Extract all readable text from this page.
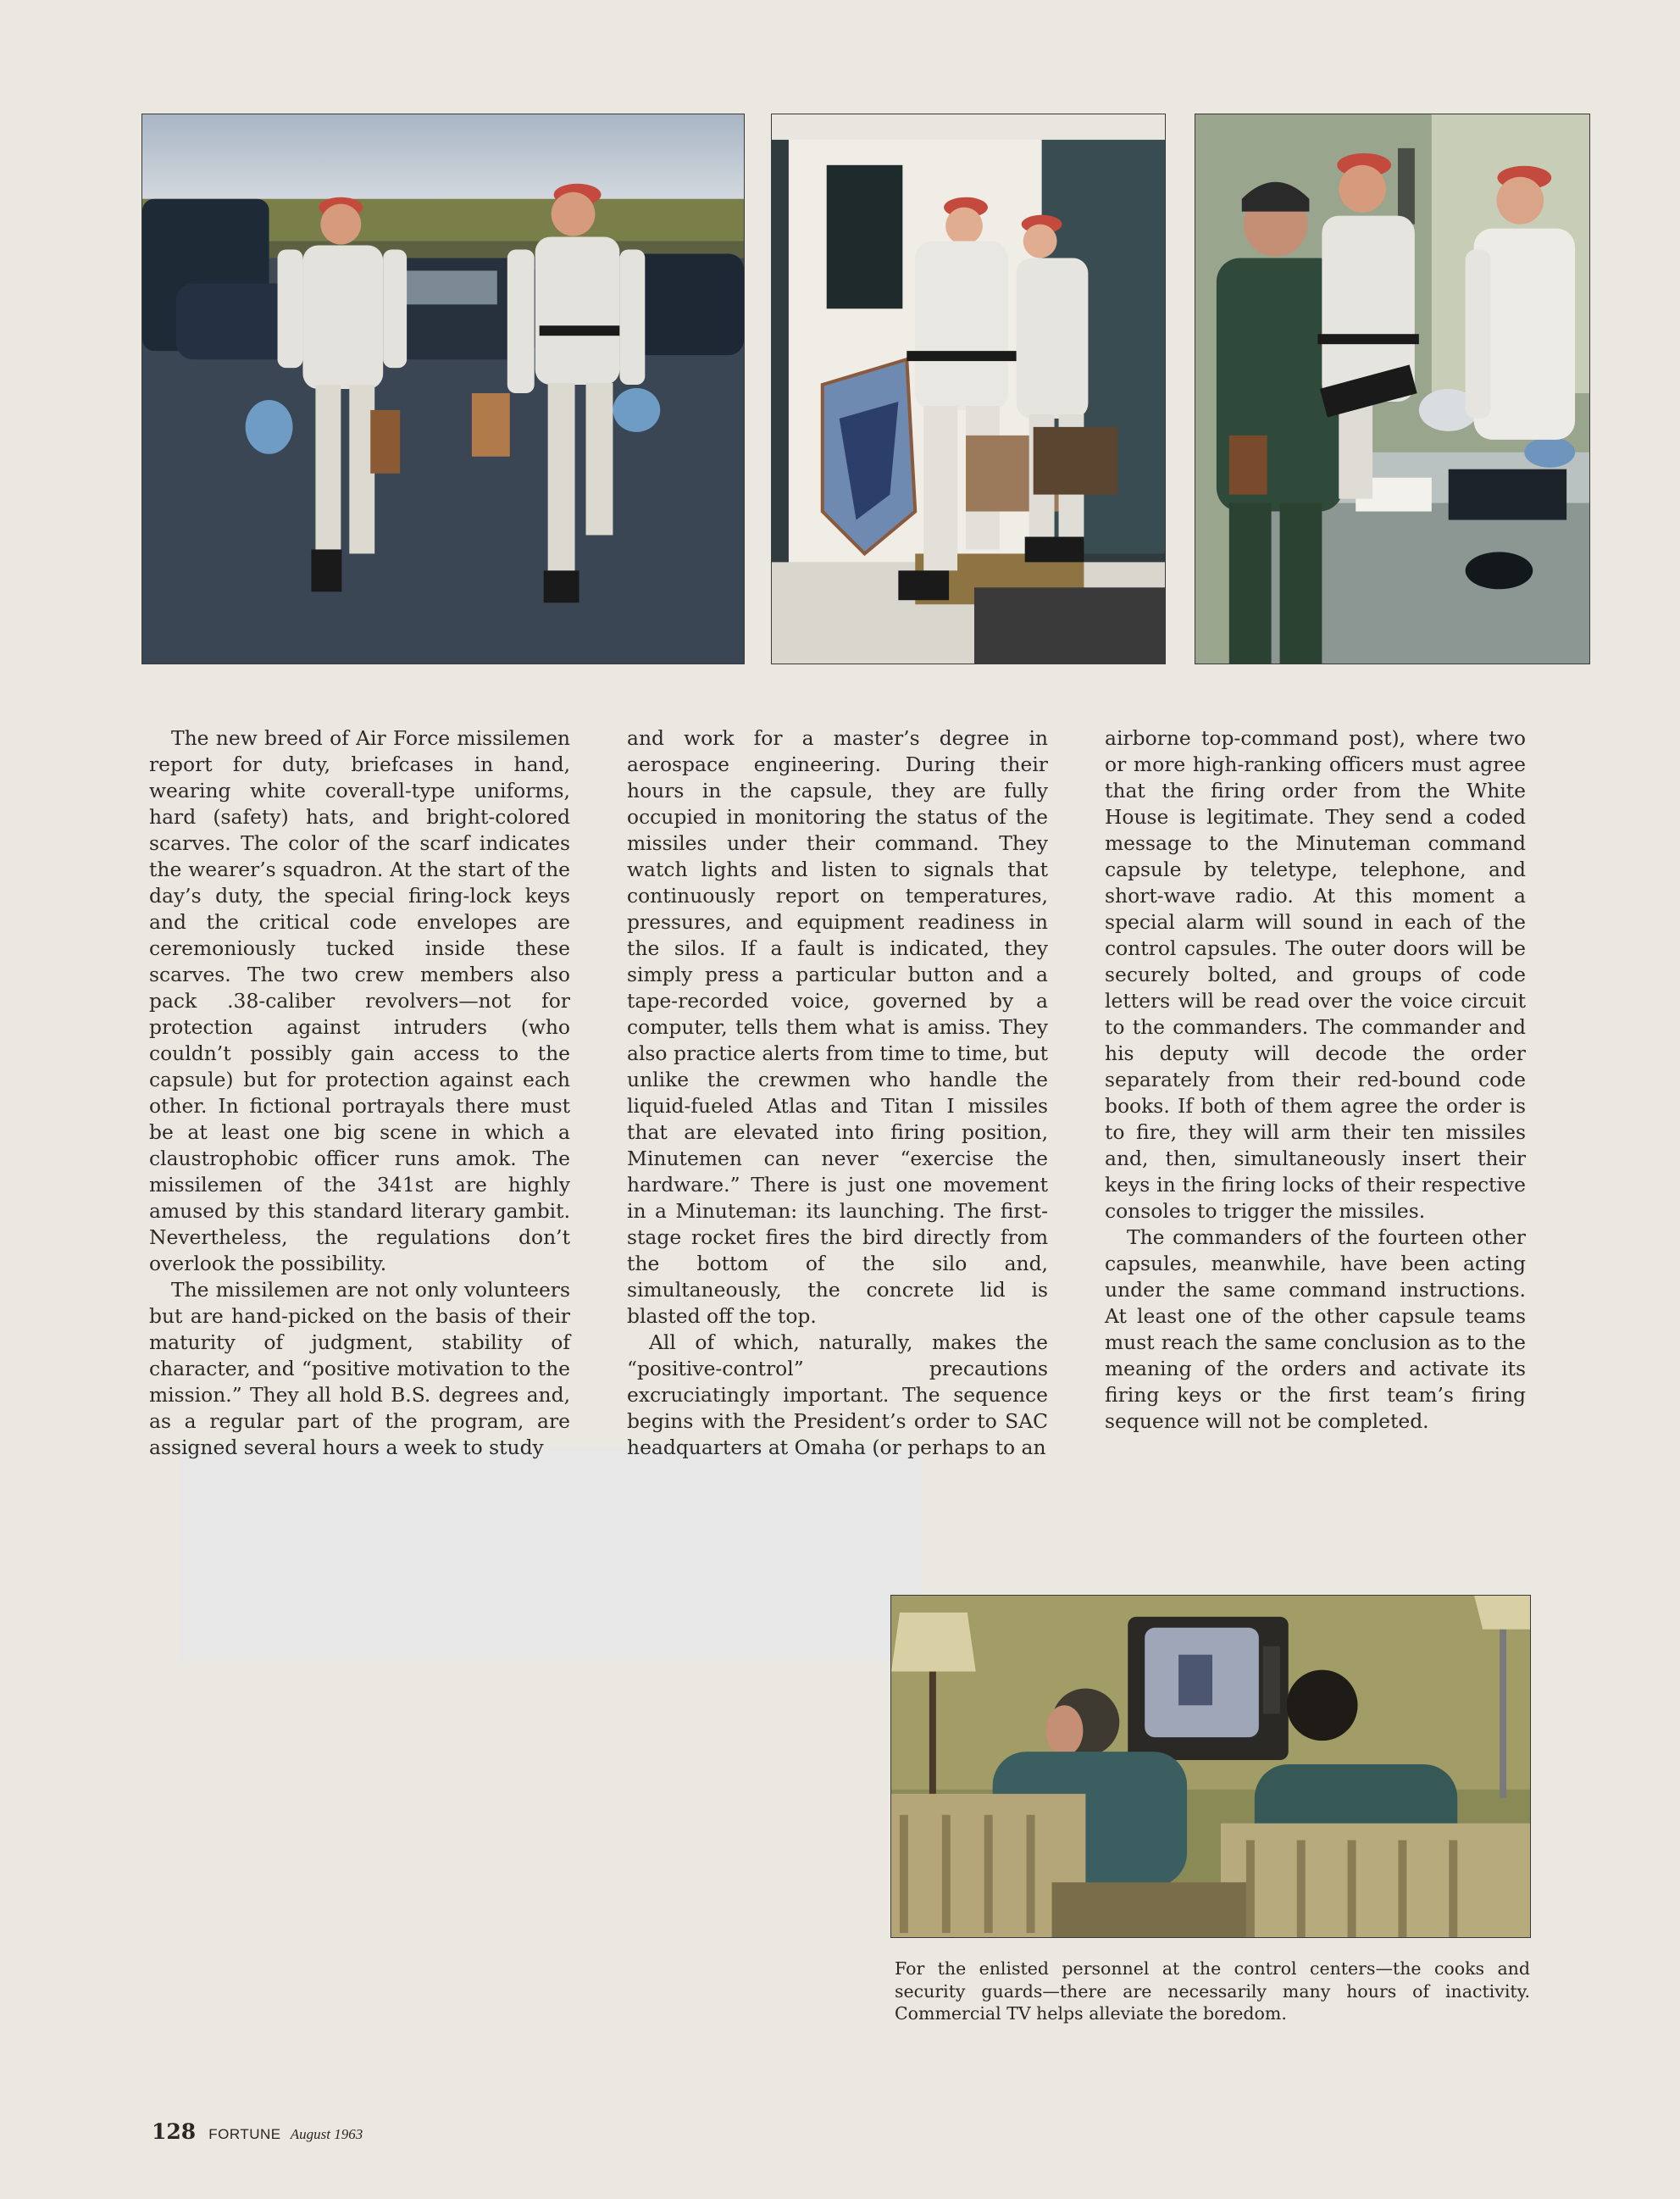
The new breed of Air Force missilemen report for duty, briefcases in hand, wearing white coverall-type uniforms, hard (safety) hats, and bright-colored scarves. The color of the scarf indicates the wearer’s squadron. At the start of the day’s duty, the special firing-lock keys and the critical code envelopes are ceremoniously tucked inside these scarves. The two crew members also pack .38-caliber revolvers—not for protection against intruders (who couldn’t possibly gain access to the capsule) but for protection against each other. In fictional portrayals there must be at least one big scene in which a claustrophobic officer runs amok. The missilemen of the 341st are highly amused by this standard literary gambit. Nevertheless, the regulations don’t overlook the possibility.

The missilemen are not only volunteers but are hand-picked on the basis of their maturity of judgment, stability of character, and “positive motivation to the mission.” They all hold B.S. degrees and, as a regular part of the program, are assigned several hours a week to study

and work for a master’s degree in aerospace engineering. During their hours in the capsule, they are fully occupied in monitoring the status of the missiles under their command. They watch lights and listen to signals that continuously report on temperatures, pressures, and equipment readiness in the silos. If a fault is indicated, they simply press a particular button and a tape-recorded voice, governed by a computer, tells them what is amiss. They also practice alerts from time to time, but unlike the crewmen who handle the liquid-fueled Atlas and Titan I missiles that are elevated into firing position, Minutemen can never “exercise the hardware.” There is just one movement in a Minuteman: its launching. The first-stage rocket fires the bird directly from the bottom of the silo and, simultaneously, the concrete lid is blasted off the top.

All of which, naturally, makes the “positive-control” precautions excruciatingly important. The sequence begins with the President’s order to SAC headquarters at Omaha (or perhaps to an

airborne top-command post), where two or more high-ranking officers must agree that the firing order from the White House is legitimate. They send a coded message to the Minuteman command capsule by teletype, telephone, and short-wave radio. At this moment a special alarm will sound in each of the control capsules. The outer doors will be securely bolted, and groups of code letters will be read over the voice circuit to the commanders. The commander and his deputy will decode the order separately from their red-bound code books. If both of them agree the order is to fire, they will arm their ten missiles and, then, simultaneously insert their keys in the firing locks of their respective consoles to trigger the missiles.

The commanders of the fourteen other capsules, meanwhile, have been acting under the same command instructions. At least one of the other capsule teams must reach the same conclusion as to the meaning of the orders and activate its firing keys or the first team’s firing sequence will not be completed.

For the enlisted personnel at the control centers—the cooks and security guards—there are necessarily many hours of inactivity. Commercial TV helps alleviate the boredom.
128 FORTUNE August 1963
